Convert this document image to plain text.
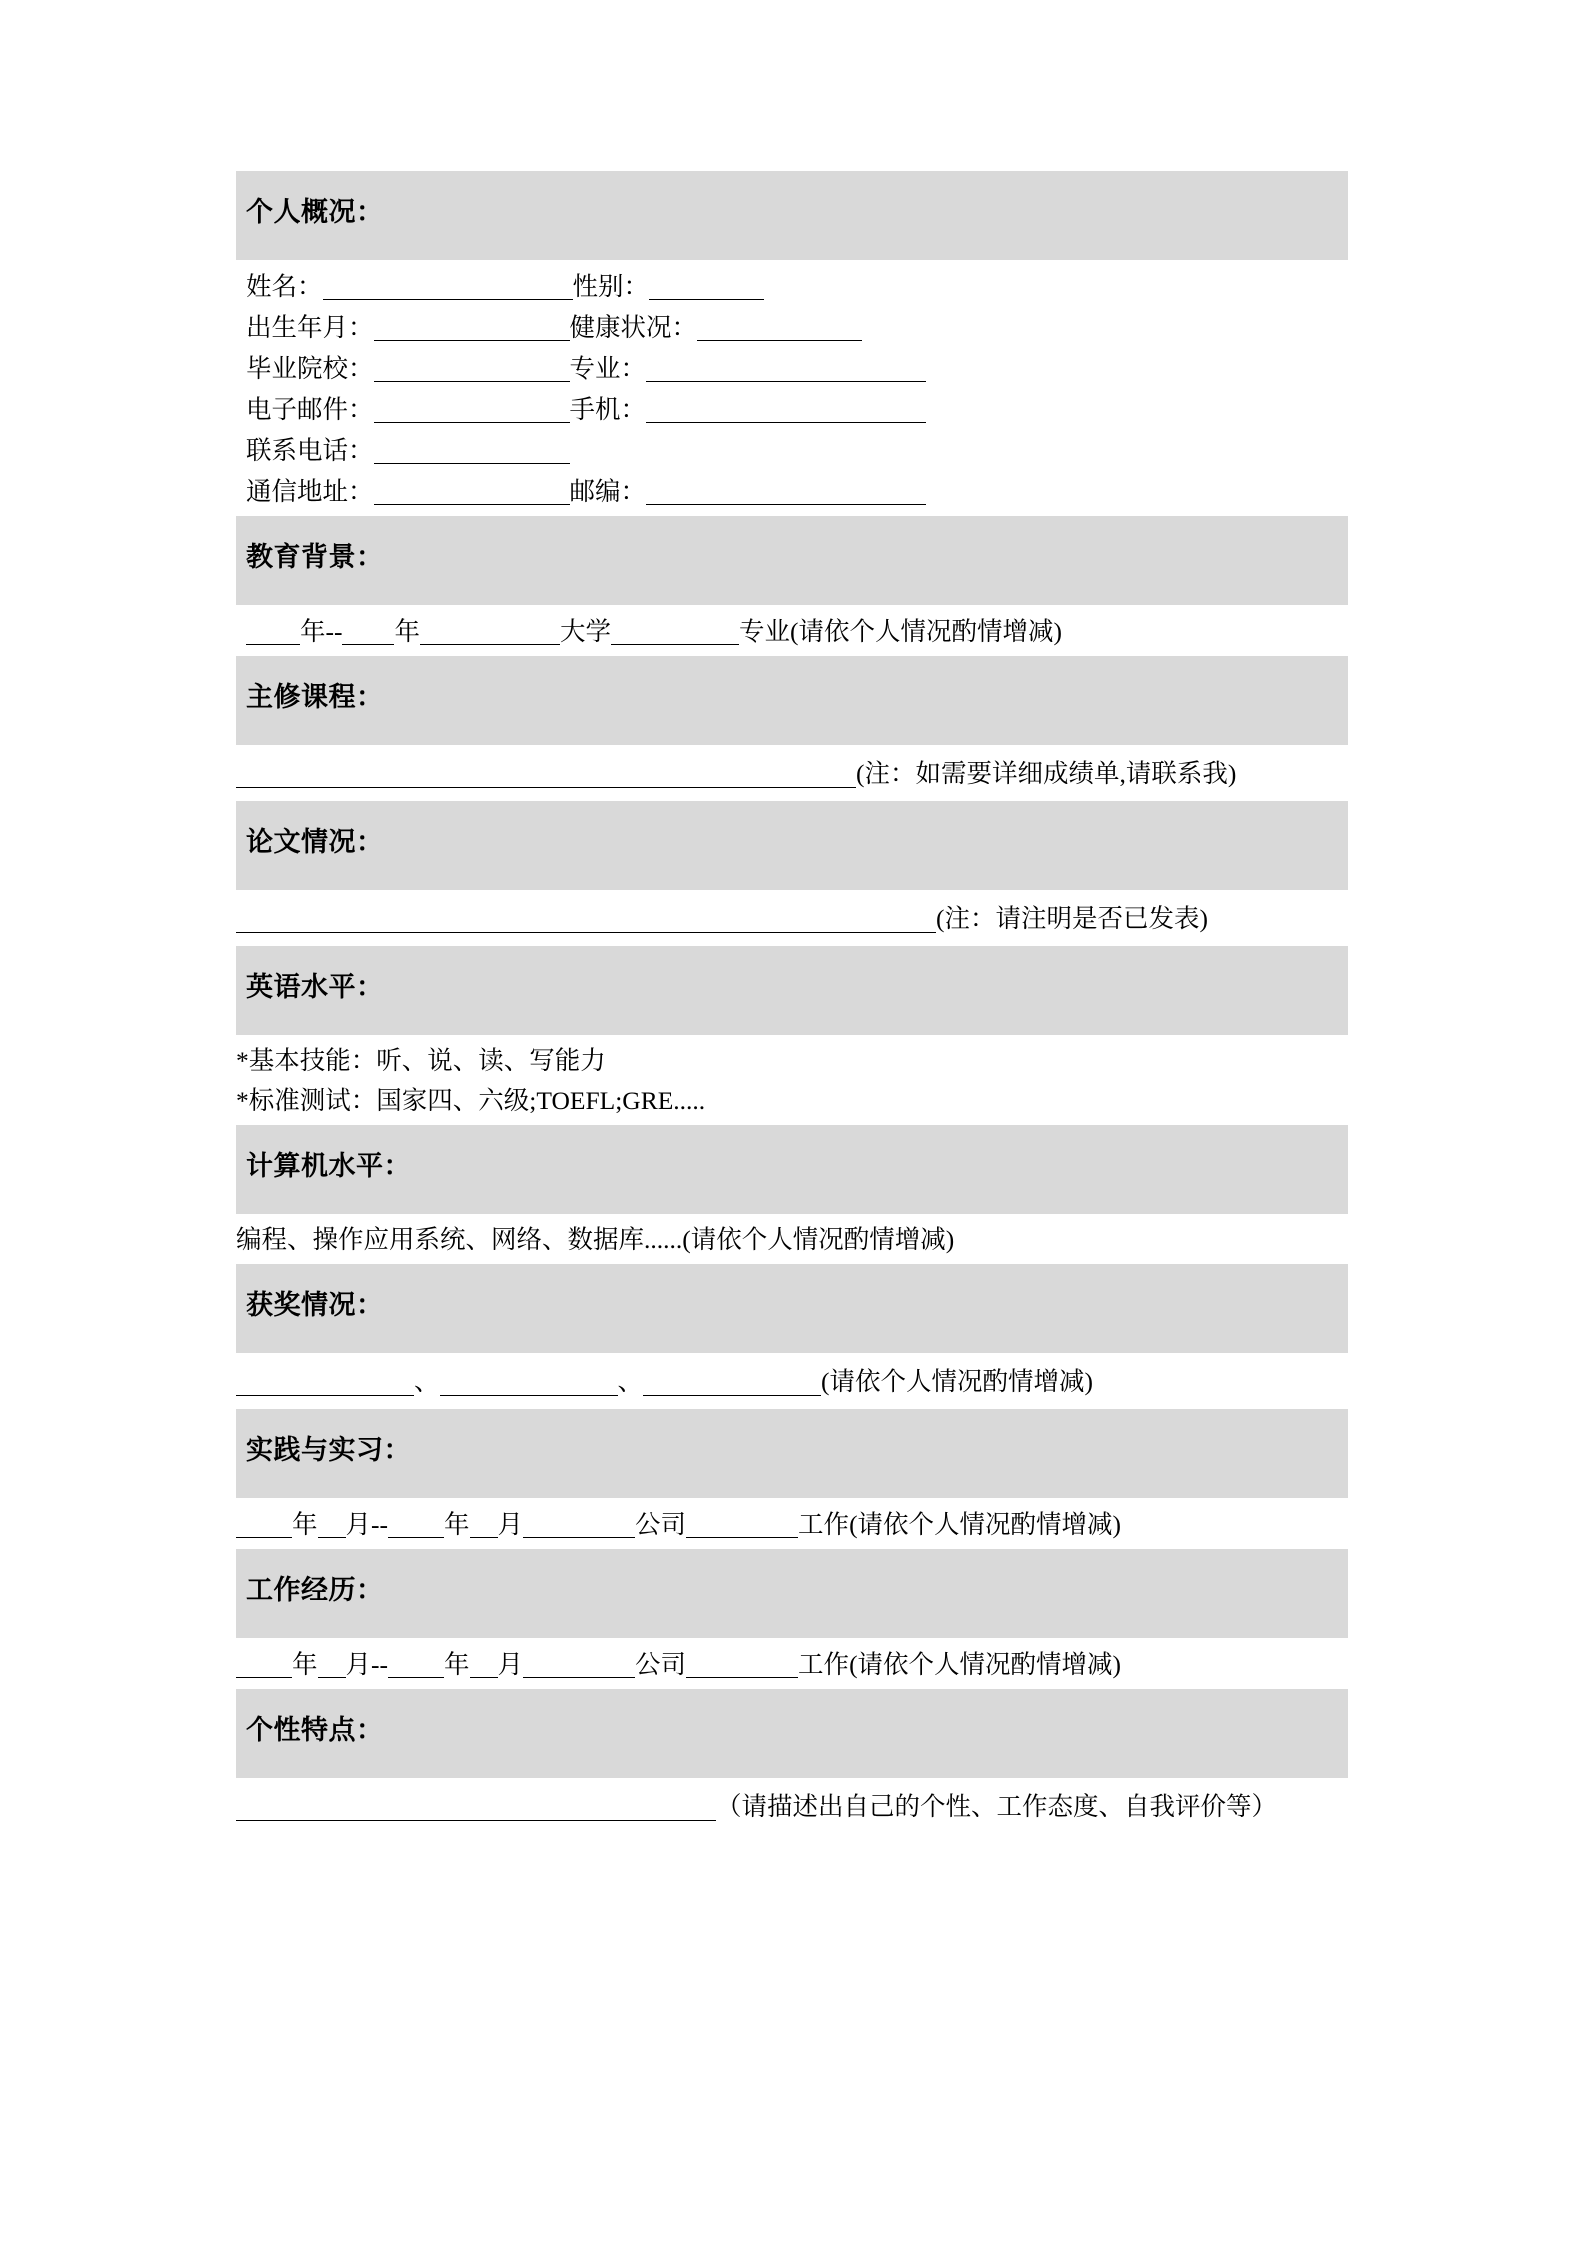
个人概况：
姓名：	性别：
出生年月：	健康状况：
毕业院校：	专业：
电子邮件：	手机：
联系电话：
通信地址：	邮编：
教育背景：
年-- 年	大学	专业(请依个人情况酌情增减)
主修课程：
(注：如需要详细成绩单,请联系我)
论文情况：
(注：请注明是否已发表)
英语水平：
*基本技能：听、说、读、写能力
*标准测试：国家四、六级;TOEFL;GRE.....
计算机水平：
编程、操作应用系统、网络、数据库......(请依个人情况酌情增减)
获奖情况：
、	、	(请依个人情况酌情增减)
实践与实习：
年 月-- 年 月	公司	工作(请依个人情况酌情增减)
工作经历：
年 月-- 年 月	公司	工作(请依个人情况酌情增减)
个性特点：
（请描述出自己的个性、工作态度、自我评价等）
